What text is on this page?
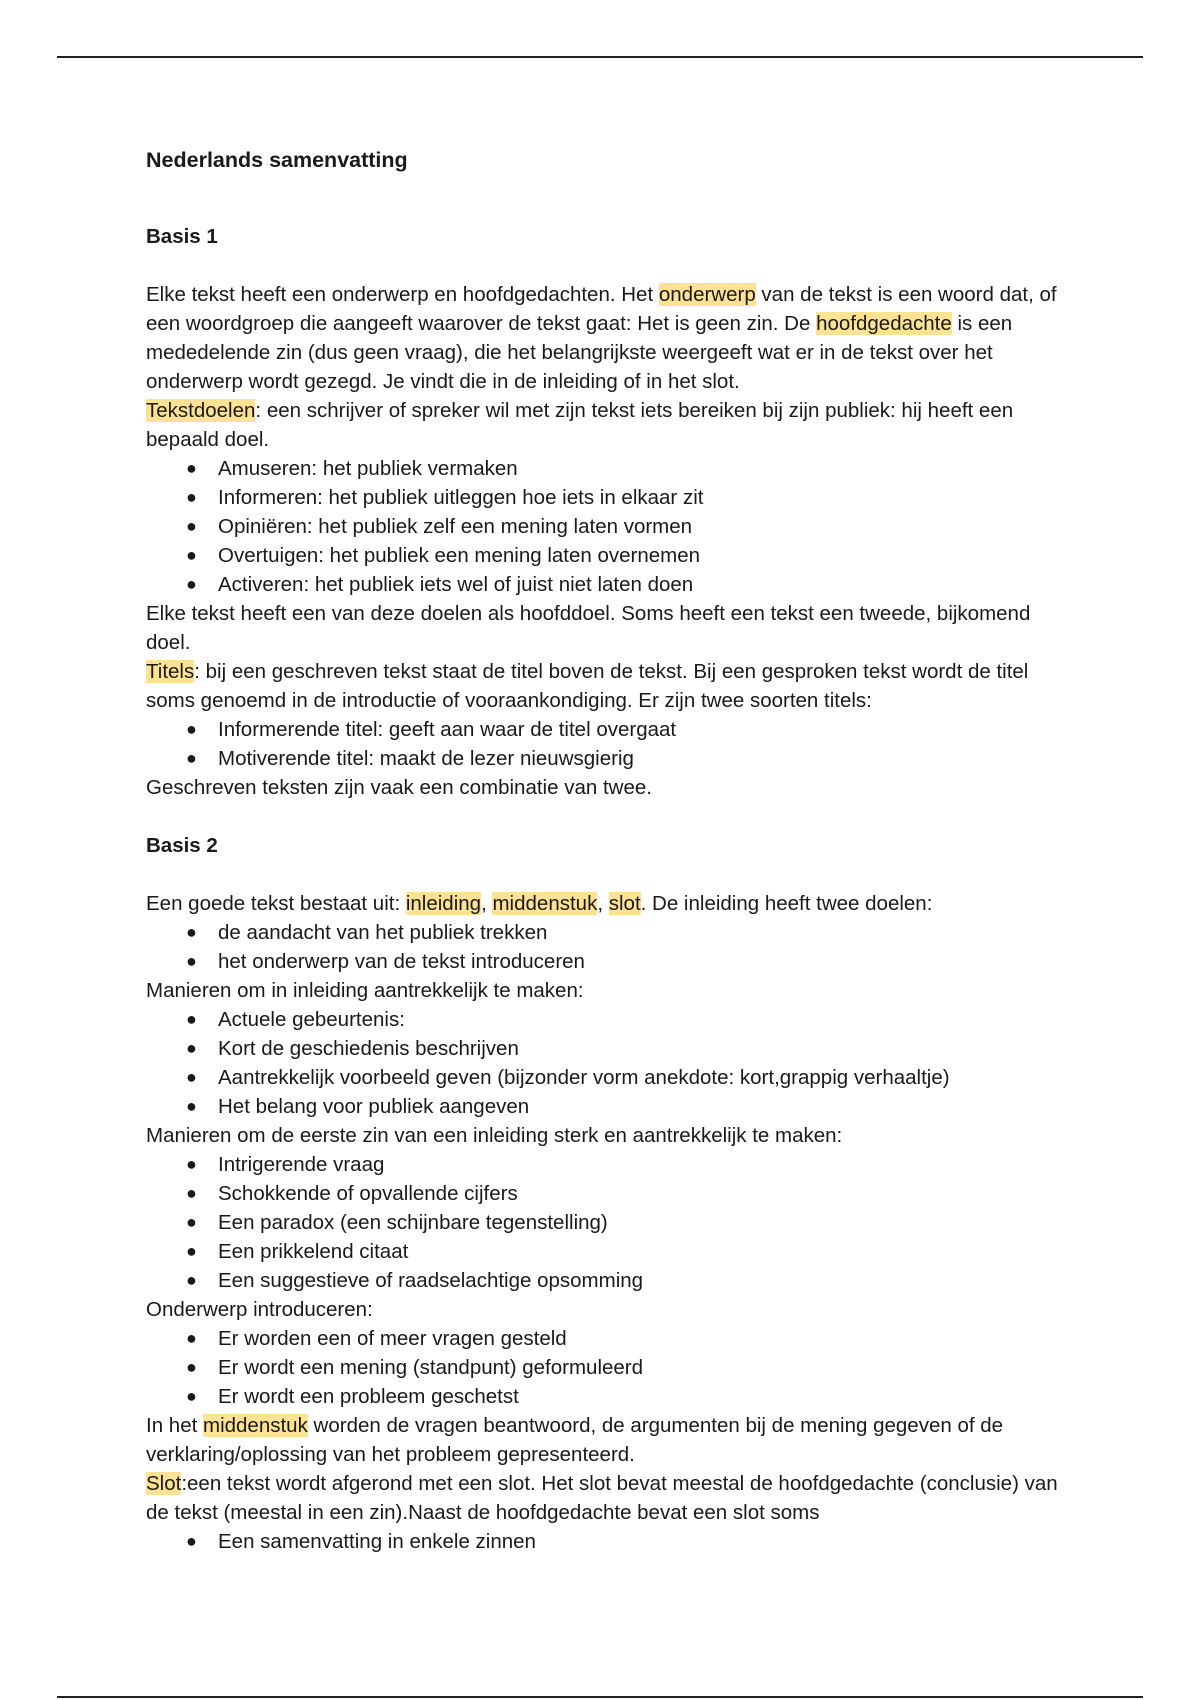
Nederlands samenvatting
Basis 1

Elke tekst heeft een onderwerp en hoofdgedachten. Het onderwerp van de tekst is een woord dat, of een woordgroep die aangeeft waarover de tekst gaat: Het is geen zin. De hoofdgedachte is een mededelende zin (dus geen vraag), die het belangrijkste weergeeft wat er in de tekst over het onderwerp wordt gezegd. Je vindt die in de inleiding of in het slot.

Tekstdoelen: een schrijver of spreker wil met zijn tekst iets bereiken bij zijn publiek: hij heeft een bepaald doel.

● Amuseren: het publiek vermaken
● Informeren: het publiek uitleggen hoe iets in elkaar zit
● Opiniëren: het publiek zelf een mening laten vormen
● Overtuigen: het publiek een mening laten overnemen
● Activeren: het publiek iets wel of juist niet laten doen

Elke tekst heeft een van deze doelen als hoofddoel. Soms heeft een tekst een tweede, bijkomend doel.

Titels: bij een geschreven tekst staat de titel boven de tekst. Bij een gesproken tekst wordt de titel soms genoemd in de introductie of vooraankondiging. Er zijn twee soorten titels:

● Informerende titel: geeft aan waar de titel overgaat
● Motiverende titel: maakt de lezer nieuwsgierig

Geschreven teksten zijn vaak een combinatie van twee.

Basis 2

Een goede tekst bestaat uit: inleiding, middenstuk, slot. De inleiding heeft twee doelen:

● de aandacht van het publiek trekken
● het onderwerp van de tekst introduceren

Manieren om in inleiding aantrekkelijk te maken:

● Actuele gebeurtenis:
● Kort de geschiedenis beschrijven
● Aantrekkelijk voorbeeld geven (bijzonder vorm anekdote: kort,grappig verhaaltje)
● Het belang voor publiek aangeven

Manieren om de eerste zin van een inleiding sterk en aantrekkelijk te maken:

● Intrigerende vraag
● Schokkende of opvallende cijfers
● Een paradox (een schijnbare tegenstelling)
● Een prikkelend citaat
● Een suggestieve of raadselachtige opsomming

Onderwerp introduceren:

● Er worden een of meer vragen gesteld
● Er wordt een mening (standpunt) geformuleerd
● Er wordt een probleem geschetst

In het middenstuk worden de vragen beantwoord, de argumenten bij de mening gegeven of de verklaring/oplossing van het probleem gepresenteerd.

Slot:een tekst wordt afgerond met een slot. Het slot bevat meestal de hoofdgedachte (conclusie) van de tekst (meestal in een zin).Naast de hoofdgedachte bevat een slot soms

● Een samenvatting in enkele zinnen
